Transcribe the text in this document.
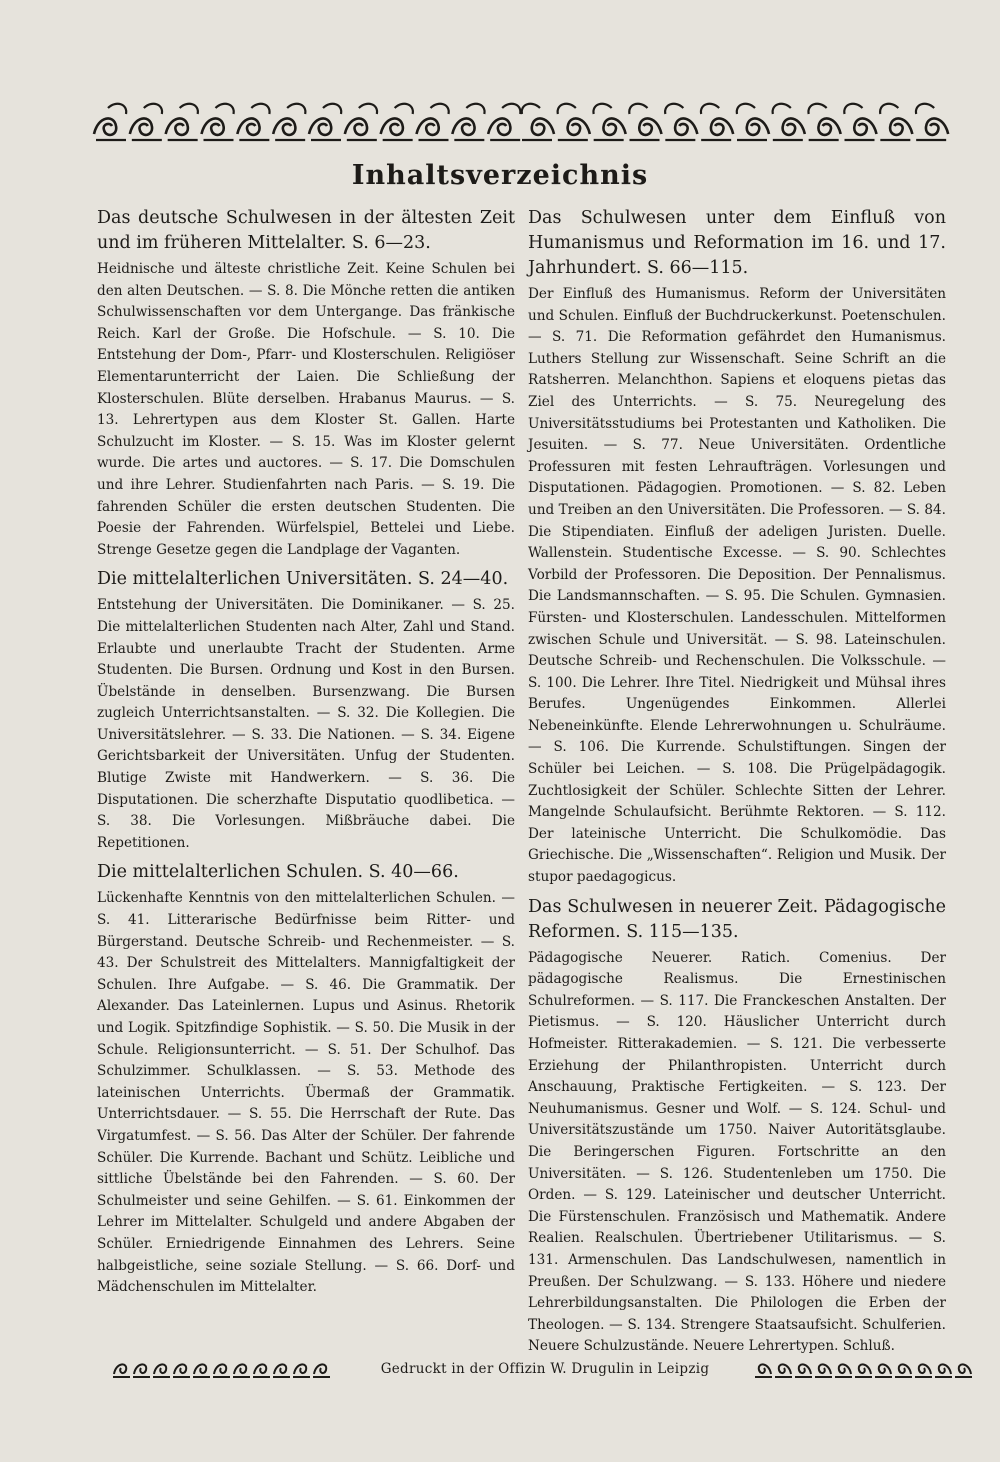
Inhaltsverzeichnis

Das deutsche Schulwesen in der ältesten Zeit und im früheren Mittelalter. S. 6—23.

Heidnische und älteste christliche Zeit. Keine Schulen bei den alten Deutschen. — S. 8. Die Mönche retten die antiken Schulwissenschaften vor dem Untergange. Das fränkische Reich. Karl der Große. Die Hofschule. — S. 10. Die Entstehung der Dom-, Pfarr- und Klosterschulen. Religiöser Elementarunterricht der Laien. Die Schließung der Klosterschulen. Blüte derselben. Hrabanus Maurus. — S. 13. Lehrertypen aus dem Kloster St. Gallen. Harte Schulzucht im Kloster. — S. 15. Was im Kloster gelernt wurde. Die artes und auctores. — S. 17. Die Domschulen und ihre Lehrer. Studienfahrten nach Paris. — S. 19. Die fahrenden Schüler die ersten deutschen Studenten. Die Poesie der Fahrenden. Würfelspiel, Bettelei und Liebe. Strenge Gesetze gegen die Landplage der Vaganten.

Die mittelalterlichen Universitäten. S. 24—40.

Entstehung der Universitäten. Die Dominikaner. — S. 25. Die mittelalterlichen Studenten nach Alter, Zahl und Stand. Erlaubte und unerlaubte Tracht der Studenten. Arme Studenten. Die Bursen. Ordnung und Kost in den Bursen. Übelstände in denselben. Bursenzwang. Die Bursen zugleich Unterrichtsanstalten. — S. 32. Die Kollegien. Die Universitätslehrer. — S. 33. Die Nationen. — S. 34. Eigene Gerichtsbarkeit der Universitäten. Unfug der Studenten. Blutige Zwiste mit Handwerkern. — S. 36. Die Disputationen. Die scherzhafte Disputatio quodlibetica. — S. 38. Die Vorlesungen. Mißbräuche dabei. Die Repetitionen.

Die mittelalterlichen Schulen. S. 40—66.

Lückenhafte Kenntnis von den mittelalterlichen Schulen. — S. 41. Litterarische Bedürfnisse beim Ritter- und Bürgerstand. Deutsche Schreib- und Rechenmeister. — S. 43. Der Schulstreit des Mittelalters. Mannigfaltigkeit der Schulen. Ihre Aufgabe. — S. 46. Die Grammatik. Der Alexander. Das Lateinlernen. Lupus und Asinus. Rhetorik und Logik. Spitzfindige Sophistik. — S. 50. Die Musik in der Schule. Religionsunterricht. — S. 51. Der Schulhof. Das Schulzimmer. Schulklassen. — S. 53. Methode des lateinischen Unterrichts. Übermaß der Grammatik. Unterrichtsdauer. — S. 55. Die Herrschaft der Rute. Das Virgatumfest. — S. 56. Das Alter der Schüler. Der fahrende Schüler. Die Kurrende. Bachant und Schütz. Leibliche und sittliche Übelstände bei den Fahrenden. — S. 60. Der Schulmeister und seine Gehilfen. — S. 61. Einkommen der Lehrer im Mittelalter. Schulgeld und andere Abgaben der Schüler. Erniedrigende Einnahmen des Lehrers. Seine halbgeistliche, seine soziale Stellung. — S. 66. Dorf- und Mädchenschulen im Mittelalter.

Das Schulwesen unter dem Einfluß von Humanismus und Reformation im 16. und 17. Jahrhundert. S. 66—115.

Der Einfluß des Humanismus. Reform der Universitäten und Schulen. Einfluß der Buchdruckerkunst. Poetenschulen. — S. 71. Die Reformation gefährdet den Humanismus. Luthers Stellung zur Wissenschaft. Seine Schrift an die Ratsherren. Melanchthon. Sapiens et eloquens pietas das Ziel des Unterrichts. — S. 75. Neuregelung des Universitätsstudiums bei Protestanten und Katholiken. Die Jesuiten. — S. 77. Neue Universitäten. Ordentliche Professuren mit festen Lehraufträgen. Vorlesungen und Disputationen. Pädagogien. Promotionen. — S. 82. Leben und Treiben an den Universitäten. Die Professoren. — S. 84. Die Stipendiaten. Einfluß der adeligen Juristen. Duelle. Wallenstein. Studentische Excesse. — S. 90. Schlechtes Vorbild der Professoren. Die Deposition. Der Pennalismus. Die Landsmannschaften. — S. 95. Die Schulen. Gymnasien. Fürsten- und Klosterschulen. Landesschulen. Mittelformen zwischen Schule und Universität. — S. 98. Lateinschulen. Deutsche Schreib- und Rechenschulen. Die Volksschule. — S. 100. Die Lehrer. Ihre Titel. Niedrigkeit und Mühsal ihres Berufes. Ungenügendes Einkommen. Allerlei Nebeneinkünfte. Elende Lehrerwohnungen u. Schulräume. — S. 106. Die Kurrende. Schulstiftungen. Singen der Schüler bei Leichen. — S. 108. Die Prügelpädagogik. Zuchtlosigkeit der Schüler. Schlechte Sitten der Lehrer. Mangelnde Schulaufsicht. Berühmte Rektoren. — S. 112. Der lateinische Unterricht. Die Schulkomödie. Das Griechische. Die „Wissenschaften“. Religion und Musik. Der stupor paedagogicus.

Das Schulwesen in neuerer Zeit. Pädagogische Reformen. S. 115—135.

Pädagogische Neuerer. Ratich. Comenius. Der pädagogische Realismus. Die Ernestinischen Schulreformen. — S. 117. Die Franckeschen Anstalten. Der Pietismus. — S. 120. Häuslicher Unterricht durch Hofmeister. Ritterakademien. — S. 121. Die verbesserte Erziehung der Philanthropisten. Unterricht durch Anschauung, Praktische Fertigkeiten. — S. 123. Der Neuhumanismus. Gesner und Wolf. — S. 124. Schul- und Universitätszustände um 1750. Naiver Autoritätsglaube. Die Beringerschen Figuren. Fortschritte an den Universitäten. — S. 126. Studentenleben um 1750. Die Orden. — S. 129. Lateinischer und deutscher Unterricht. Die Fürstenschulen. Französisch und Mathematik. Andere Realien. Realschulen. Übertriebener Utilitarismus. — S. 131. Armenschulen. Das Landschulwesen, namentlich in Preußen. Der Schulzwang. — S. 133. Höhere und niedere Lehrerbildungsanstalten. Die Philologen die Erben der Theologen. — S. 134. Strengere Staatsaufsicht. Schulferien. Neuere Schulzustände. Neuere Lehrertypen. Schluß.

Gedruckt in der Offizin W. Drugulin in Leipzig
